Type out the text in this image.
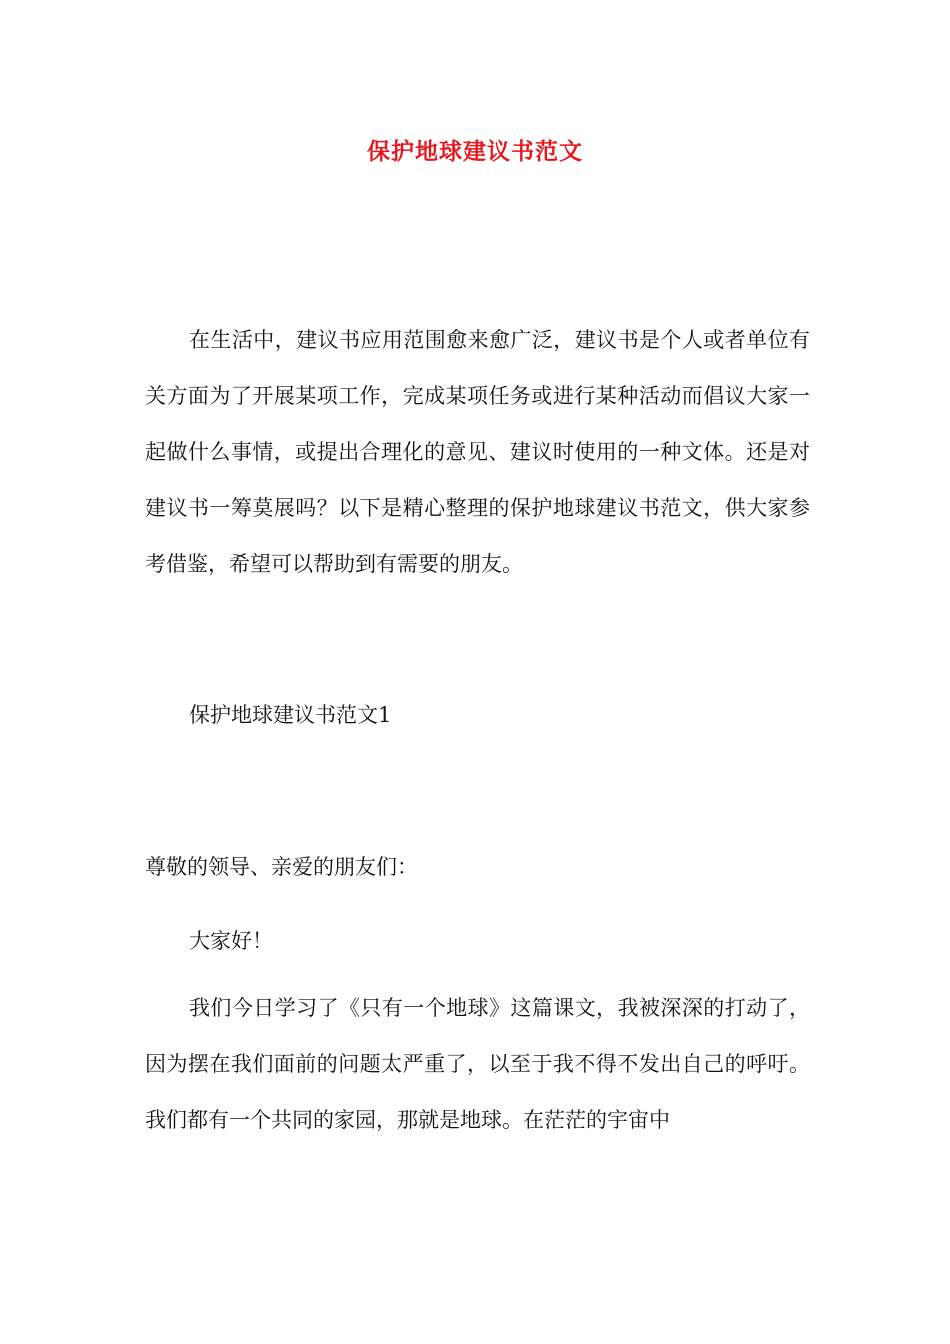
保护地球建议书范文
在生活中，建议书应用范围愈来愈广泛，建议书是个人或者单位有关方面为了开展某项工作，完成某项任务或进行某种活动而倡议大家一起做什么事情，或提出合理化的意见、建议时使用的一种文体。还是对建议书一筹莫展吗？以下是精心整理的保护地球建议书范文，供大家参考借鉴，希望可以帮助到有需要的朋友。
保护地球建议书范文1
尊敬的领导、亲爱的朋友们：
大家好！
我们今日学习了《只有一个地球》这篇课文，我被深深的打动了，因为摆在我们面前的问题太严重了，以至于我不得不发出自己的呼吁。我们都有一个共同的家园，那就是地球。在茫茫的宇宙中
